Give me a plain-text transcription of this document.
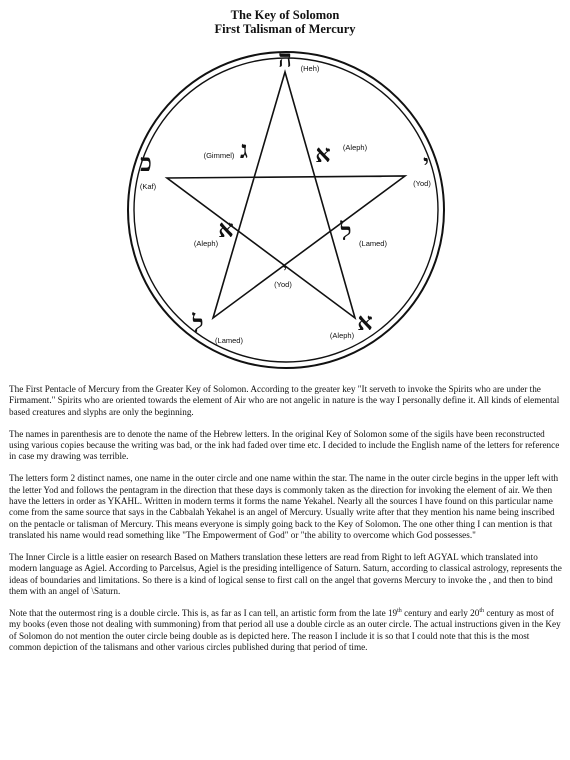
The Key of Solomon
First Talisman of Mercury
ה
י
א
ל
כ	א
ל
י
א
ג
(Heh)
(Yod)
(Aleph)
(Lamed)
(Kaf)
(Aleph)
(Lamed)
(Yod)
(Aleph)
(Gimmel)

The First Pentacle of Mercury from the Greater Key of Solomon. According to the greater key "It serveth to invoke the Spirits who are under the Firmament." Spirits who are oriented towards the element of Air who are not angelic in nature is the way I personally define it. All kinds of elemental based creatures and slyphs are only the beginning.

The names in parenthesis are to denote the name of the Hebrew letters. In the original Key of Solomon some of the sigils have been reconstructed using various copies because the writing was bad, or the ink had faded over time etc. I decided to include the English name of the letters for reference in case my drawing was terrible.

The letters form 2 distinct names, one name in the outer circle and one name within the star. The name in the outer circle begins in the upper left with the letter Yod and follows the pentagram in the direction that these days is commonly taken as the direction for invoking the element of air. We then have the letters in order as YKAHL. Written in modern terms it forms the name Yekahel. Nearly all the sources I have found on this particular name come from the same source that says in the Cabbalah Yekahel is an angel of Mercury. Usually write after that they mention his name being inscribed on the pentacle or talisman of Mercury. This means everyone is simply going back to the Key of Solomon. The one other thing I can mention is that translated his name would read something like "The Empowerment of God" or "the ability to overcome which God possesses."

The Inner Circle is a little easier on research Based on Mathers translation these letters are read from Right to left AGYAL which translated into modern language as Agiel. According to Parcelsus, Agiel is the presiding intelligence of Saturn. Saturn, according to classical astrology, represents the ideas of boundaries and limitations. So there is a kind of logical sense to first call on the angel that governs Mercury to invoke the , and then to bind them with an angel of \Saturn.

Note that the outermost ring is a double circle. This is, as far as I can tell, an artistic form from the late 19th century and early 20th century as most of my books (even those not dealing with summoning) from that period all use a double circle as an outer circle. The actual instructions given in the Key of Solomon do not mention the outer circle being double as is depicted here. The reason I include it is so that I could note that this is the most common depiction of the talismans and other various circles published during that period of time.
